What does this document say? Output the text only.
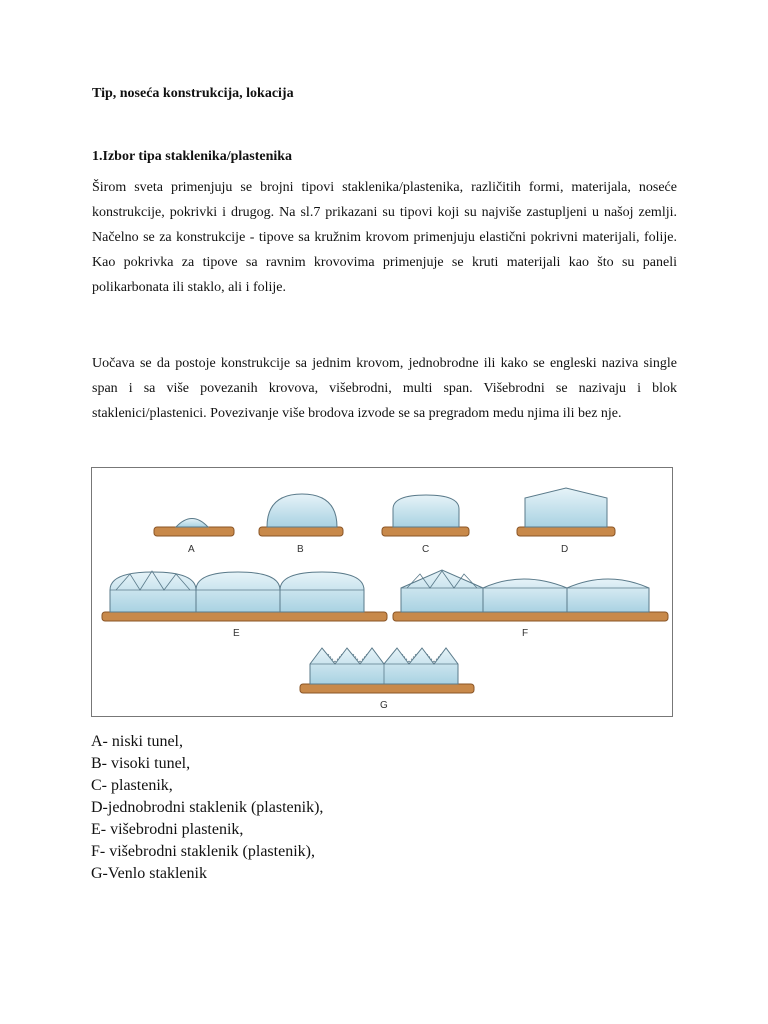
Tip, noseća konstrukcija, lokacija

1.Izbor tipa staklenika/plastenika

Širom sveta primenjuju se brojni tipovi staklenika/plastenika, različitih formi, materijala, noseće konstrukcije, pokrivki i drugog. Na sl.7 prikazani su tipovi koji su najviše zastupljeni u našoj zemlji. Načelno se za konstrukcije - tipove sa kružnim krovom primenjuju elastični pokrivni materijali, folije. Kao pokrivka za tipove sa ravnim krovovima primenjuje se kruti materijali kao što su paneli polikarbonata ili staklo, ali i folije.

Uočava se da postoje konstrukcije sa jednim krovom, jednobrodne ili kako se engleski naziva single span i sa više povezanih krovova, višebrodni, multi span. Višebrodni se nazivaju i blok staklenici/plastenici. Povezivanje više brodova izvode se sa pregradom medu njima ili bez nje.

A	B	C	D
E	F
G
A- niski tunel,
B- visoki tunel,
C- plastenik,
D-jednobrodni staklenik (plastenik),
E- višebrodni plastenik,
F- višebrodni staklenik (plastenik),
G-Venlo staklenik
